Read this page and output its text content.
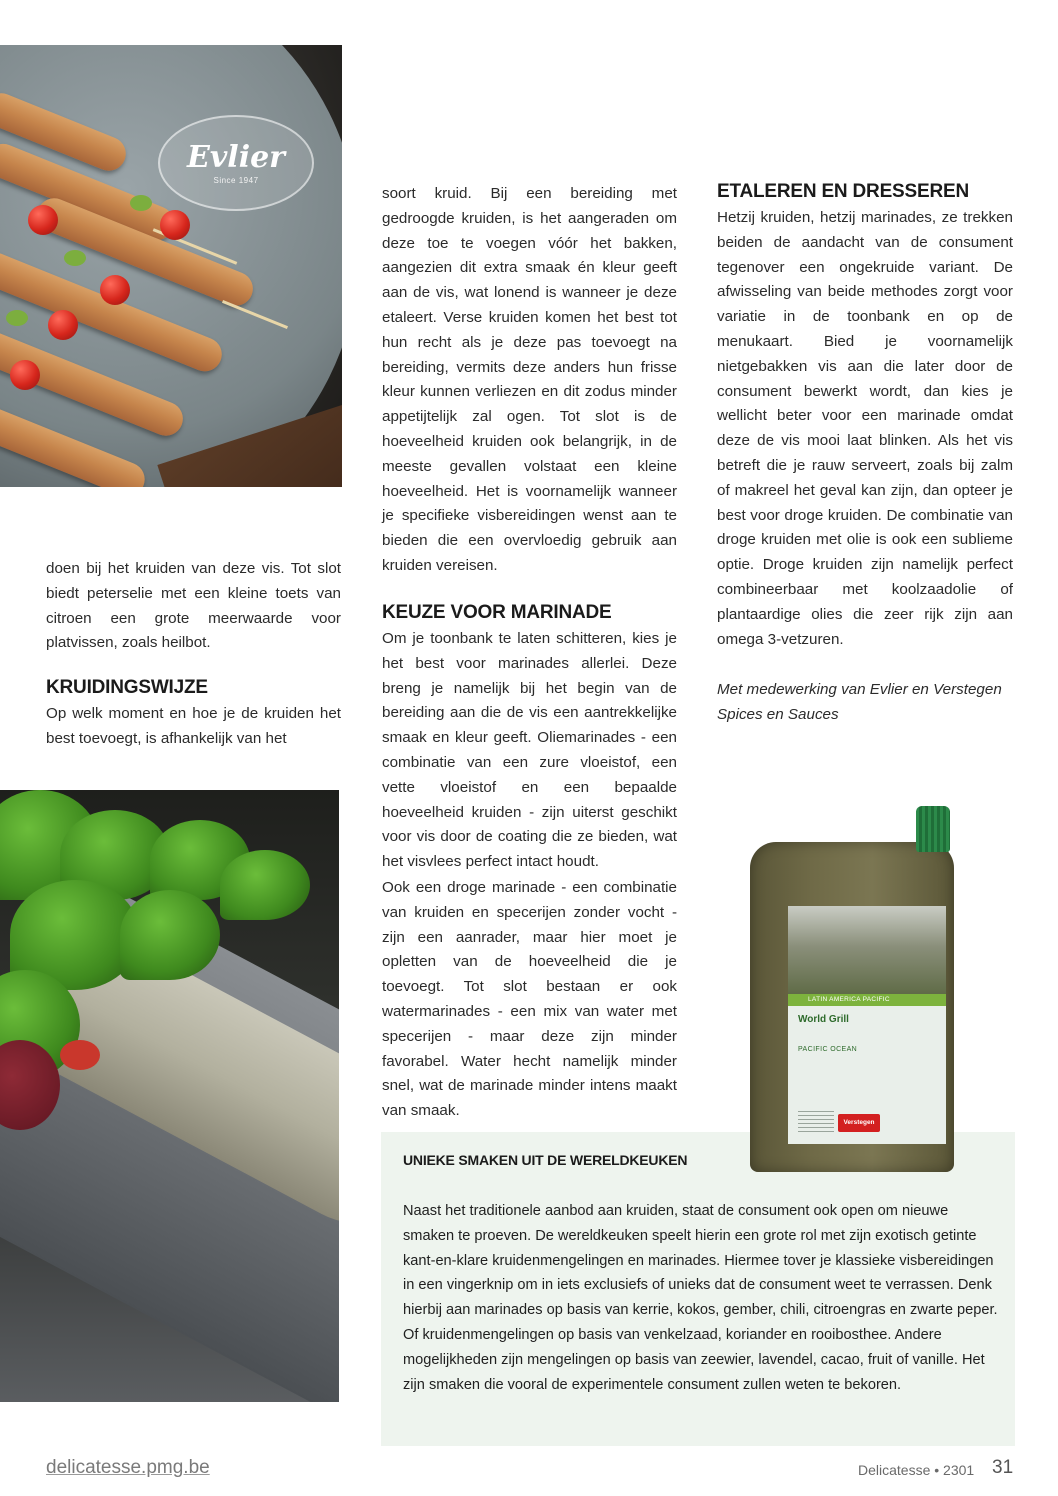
Evlier
Since 1947

doen bij het kruiden van deze vis. Tot slot biedt peterselie met een kleine toets van citroen een grote meerwaarde voor platvissen, zoals heilbot.

KRUIDINGSWIJZE

Op welk moment en hoe je de kruiden het best toevoegt, is afhankelijk van het

soort kruid. Bij een bereiding met gedroogde kruiden, is het aangeraden om deze toe te voegen vóór het bakken, aangezien dit extra smaak én kleur geeft aan de vis, wat lonend is wanneer je deze etaleert. Verse kruiden komen het best tot hun recht als je deze pas toevoegt na bereiding, vermits deze anders hun frisse kleur kunnen verliezen en dit zodus minder appetijtelijk zal ogen. Tot slot is de hoeveelheid kruiden ook belangrijk, in de meeste gevallen volstaat een kleine hoeveelheid. Het is voornamelijk wanneer je specifieke visbereidingen wenst aan te bieden die een overvloedig gebruik aan kruiden vereisen.

KEUZE VOOR MARINADE

Om je toonbank te laten schitteren, kies je het best voor marinades allerlei. Deze breng je namelijk bij het begin van de bereiding aan die de vis een aantrekkelijke smaak en kleur geeft. Oliemarinades - een combinatie van een zure vloeistof, een vette vloeistof en een bepaalde hoeveelheid kruiden - zijn uiterst geschikt voor vis door de coating die ze bieden, wat het visvlees perfect intact houdt.

Ook een droge marinade - een combinatie van kruiden en specerijen zonder vocht - zijn een aanrader, maar hier moet je opletten van de hoeveelheid die je toevoegt. Tot slot bestaan er ook watermarinades - een mix van water met specerijen - maar deze zijn minder favorabel. Water hecht namelijk minder snel, wat de marinade minder intens maakt van smaak.

ETALEREN EN DRESSEREN

Hetzij kruiden, hetzij marinades, ze trekken beiden de aandacht van de consument tegenover een ongekruide variant. De afwisseling van beide methodes zorgt voor variatie in de toonbank en op de menukaart. Bied je voornamelijk nietgebakken vis aan die later door de consument bewerkt wordt, dan kies je wellicht beter voor een marinade omdat deze de vis mooi laat blinken. Als het vis betreft die je rauw serveert, zoals bij zalm of makreel het geval kan zijn, dan opteer je best voor droge kruiden. De combinatie van droge kruiden met olie is ook een sublieme optie. Droge kruiden zijn namelijk perfect combineerbaar met koolzaadolie of plantaardige olies die zeer rijk zijn aan omega 3-vetzuren.

Met medewerking van Evlier en Verstegen Spices en Sauces

UNIEKE SMAKEN UIT DE WERELDKEUKEN

Naast het traditionele aanbod aan kruiden, staat de consument ook open om nieuwe smaken te proeven. De wereldkeuken speelt hierin een grote rol met zijn exotisch getinte kant-en-klare kruidenmengelingen en marinades. Hiermee tover je klassieke visbereidingen in een vingerknip om in iets exclusiefs of unieks dat de consument weet te verrassen. Denk hierbij aan marinades op basis van kerrie, kokos, gember, chili, citroengras en zwarte peper. Of kruidenmengelingen op basis van venkelzaad, koriander en rooibosthee. Andere mogelijkheden zijn mengelingen op basis van zeewier, lavendel, cacao, fruit of vanille. Het zijn smaken die vooral de experimentele consument zullen weten te bekoren.

LATIN AMERICA PACIFIC
World Grill
PACIFIC OCEAN
Verstegen
delicatesse.pmg.be	Delicatesse • 2301 31
